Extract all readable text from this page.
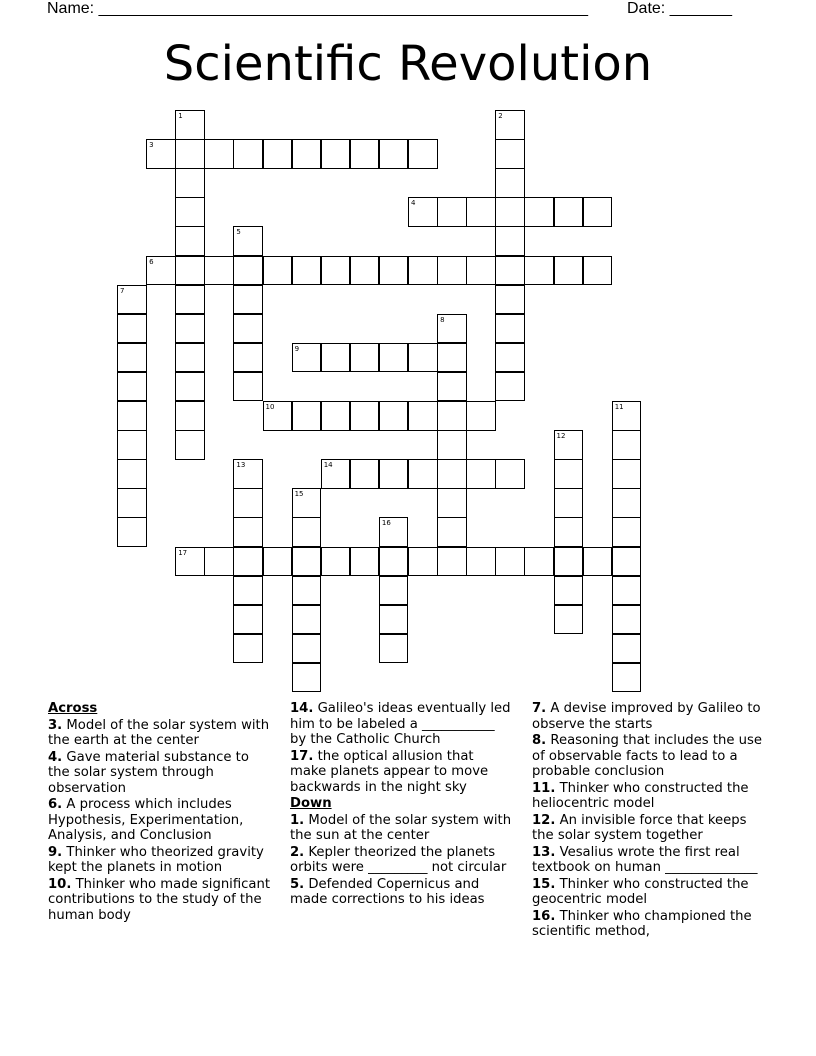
Name: _______________________________________________________ Date: _______
Scientific Revolution
1	2
3
4
5
6
7
8
9
10	11
12
13	14
15
16
17

Across

3. Model of the solar system with the earth at the center

4. Gave material substance to the solar system through observation

6. A process which includes Hypothesis, Experimentation, Analysis, and Conclusion

9. Thinker who theorized gravity kept the planets in motion

10. Thinker who made significant contributions to the study of the human body

14. Galileo's ideas eventually led him to be labeled a ___________ by the Catholic Church

17. the optical allusion that make planets appear to move backwards in the night sky

Down

1. Model of the solar system with the sun at the center

2. Kepler theorized the planets orbits were _________ not circular

5. Defended Copernicus and made corrections to his ideas

7. A devise improved by Galileo to observe the starts

8. Reasoning that includes the use of observable facts to lead to a probable conclusion

11. Thinker who constructed the heliocentric model

12. An invisible force that keeps the solar system together

13. Vesalius wrote the first real textbook on human ______________

15. Thinker who constructed the geocentric model

16. Thinker who championed the scientific method,
